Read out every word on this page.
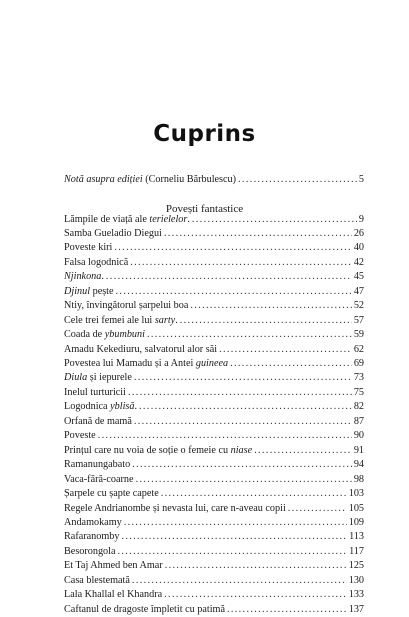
Cuprins
Notă asupra ediției (Corneliu Bărbulescu) . . .	5
Povești fantastice
Lămpile de viață ale terielelor. . . .	9
Samba Gueladio Diegui . . .	26
Poveste kiri . . .	40
Falsa logodnică . . .	42
Njinkona. . . .	45
Djinul pește . . .	47
Ntiy, învingătorul șarpelui boa . . .	52
Cele trei femei ale lui sarty. . . .	57
Coada de ybumbuni . . .	59
Amadu Kekediuru, salvatorul alor săi . . .	62
Povestea lui Mamadu și a Antei guineea . . .	69
Diula și iepurele . . .	73
Inelul turturicii . . .	75
Logodnica yblisă. . . .	82
Orfană de mamă . . .	87
Poveste . . .	90
Prințul care nu voia de soție o femeie cu niase . . .	91
Ramanungabato . . .	94
Vaca-fără-coarne . . .	98
Șarpele cu șapte capete . . .	103
Regele Andrianombe și nevasta lui, care n-aveau copii . . .	105
Andamokamy . . .	109
Rafaranomby . . .	113
Besorongola . . .	117
Et Taj Ahmed ben Amar . . .	125
Casa blestemată . . .	130
Lala Khallal el Khandra . . .	133
Caftanul de dragoste împletit cu patimă . . .	137
